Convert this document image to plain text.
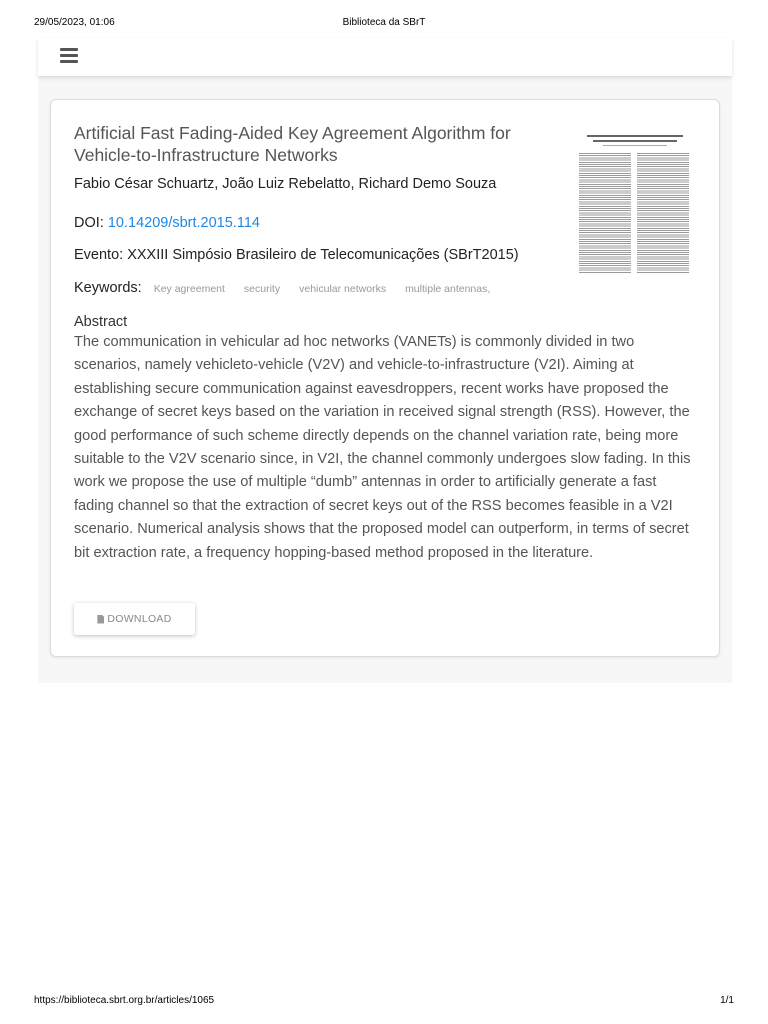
29/05/2023, 01:06	Biblioteca da SBrT
Artificial Fast Fading-Aided Key Agreement Algorithm for Vehicle-to-Infrastructure Networks
Fabio César Schuartz, João Luiz Rebelatto, Richard Demo Souza
DOI: 10.14209/sbrt.2015.114
Evento: XXXIII Simpósio Brasileiro de Telecomunicações (SBrT2015)
Keywords: Key agreement security vehicular networks multiple antennas,
Abstract

The communication in vehicular ad hoc networks (VANETs) is commonly divided in two scenarios, namely vehicleto-vehicle (V2V) and vehicle-to-infrastructure (V2I). Aiming at establishing secure communication against eavesdroppers, recent works have proposed the exchange of secret keys based on the variation in received signal strength (RSS). However, the good performance of such scheme directly depends on the channel variation rate, being more suitable to the V2V scenario since, in V2I, the channel commonly undergoes slow fading. In this work we propose the use of multiple “dumb” antennas in order to artificially generate a fast fading channel so that the extraction of secret keys out of the RSS becomes feasible in a V2I scenario. Numerical analysis shows that the proposed model can outperform, in terms of secret bit extraction rate, a frequency hopping-based method proposed in the literature.

DOWNLOAD
https://biblioteca.sbrt.org.br/articles/1065	1/1
